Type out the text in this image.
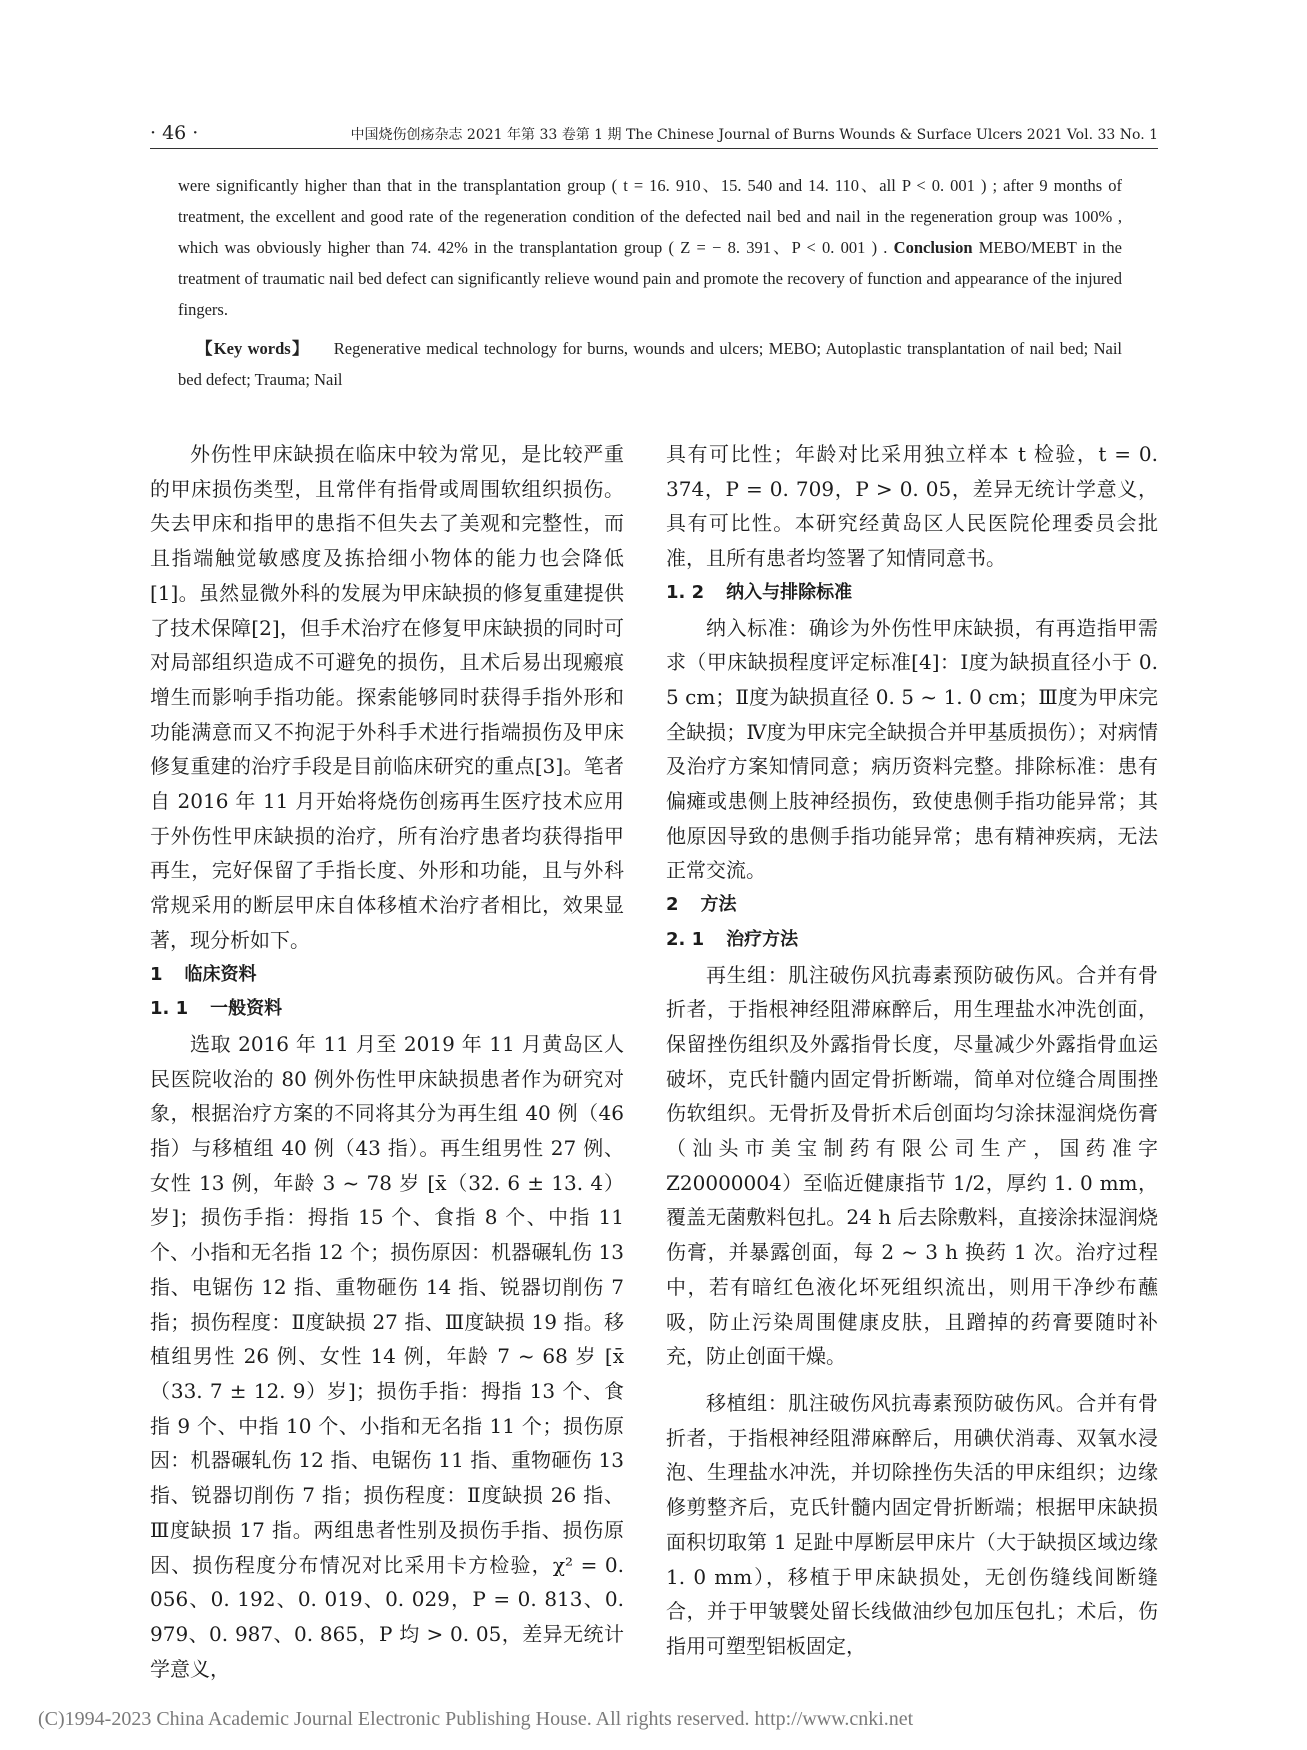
· 46 ·	中国烧伤创疡杂志 2021 年第 33 卷第 1 期 The Chinese Journal of Burns Wounds & Surface Ulcers 2021 Vol. 33 No. 1

were significantly higher than that in the transplantation group ( t = 16. 910、15. 540 and 14. 110、all P < 0. 001 ) ; after 9 months of treatment, the excellent and good rate of the regeneration condition of the defected nail bed and nail in the regeneration group was 100% , which was obviously higher than 74. 42% in the transplantation group ( Z = − 8. 391、P < 0. 001 ) . Conclusion MEBO/MEBT in the treatment of traumatic nail bed defect can significantly relieve wound pain and promote the recovery of function and appearance of the injured fingers.

【Key words】 Regenerative medical technology for burns, wounds and ulcers; MEBO; Autoplastic transplantation of nail bed; Nail bed defect; Trauma; Nail

外伤性甲床缺损在临床中较为常见，是比较严重的甲床损伤类型，且常伴有指骨或周围软组织损伤。失去甲床和指甲的患指不但失去了美观和完整性，而且指端触觉敏感度及拣拾细小物体的能力也会降低[1]。虽然显微外科的发展为甲床缺损的修复重建提供了技术保障[2]，但手术治疗在修复甲床缺损的同时可对局部组织造成不可避免的损伤，且术后易出现瘢痕增生而影响手指功能。探索能够同时获得手指外形和功能满意而又不拘泥于外科手术进行指端损伤及甲床修复重建的治疗手段是目前临床研究的重点[3]。笔者自 2016 年 11 月开始将烧伤创疡再生医疗技术应用于外伤性甲床缺损的治疗，所有治疗患者均获得指甲再生，完好保留了手指长度、外形和功能，且与外科常规采用的断层甲床自体移植术治疗者相比，效果显著，现分析如下。

1 临床资料

1. 1 一般资料

选取 2016 年 11 月至 2019 年 11 月黄岛区人民医院收治的 80 例外伤性甲床缺损患者作为研究对象，根据治疗方案的不同将其分为再生组 40 例（46 指）与移植组 40 例（43 指）。再生组男性 27 例、女性 13 例，年龄 3 ~ 78 岁 [x̄（32. 6 ± 13. 4）岁]；损伤手指：拇指 15 个、食指 8 个、中指 11 个、小指和无名指 12 个；损伤原因：机器碾轧伤 13 指、电锯伤 12 指、重物砸伤 14 指、锐器切削伤 7 指；损伤程度：Ⅱ度缺损 27 指、Ⅲ度缺损 19 指。移植组男性 26 例、女性 14 例，年龄 7 ~ 68 岁 [x̄（33. 7 ± 12. 9）岁]；损伤手指：拇指 13 个、食指 9 个、中指 10 个、小指和无名指 11 个；损伤原因：机器碾轧伤 12 指、电锯伤 11 指、重物砸伤 13 指、锐器切削伤 7 指；损伤程度：Ⅱ度缺损 26 指、Ⅲ度缺损 17 指。两组患者性别及损伤手指、损伤原因、损伤程度分布情况对比采用卡方检验，χ² = 0. 056、0. 192、0. 019、0. 029，P = 0. 813、0. 979、0. 987、0. 865，P 均 > 0. 05，差异无统计学意义，

具有可比性；年龄对比采用独立样本 t 检验，t = 0. 374，P = 0. 709，P > 0. 05，差异无统计学意义，具有可比性。本研究经黄岛区人民医院伦理委员会批准，且所有患者均签署了知情同意书。

1. 2 纳入与排除标准

纳入标准：确诊为外伤性甲床缺损，有再造指甲需求（甲床缺损程度评定标准[4]：Ⅰ度为缺损直径小于 0. 5 cm；Ⅱ度为缺损直径 0. 5 ~ 1. 0 cm；Ⅲ度为甲床完全缺损；Ⅳ度为甲床完全缺损合并甲基质损伤）；对病情及治疗方案知情同意；病历资料完整。排除标准：患有偏瘫或患侧上肢神经损伤，致使患侧手指功能异常；其他原因导致的患侧手指功能异常；患有精神疾病，无法正常交流。

2 方法

2. 1 治疗方法

再生组：肌注破伤风抗毒素预防破伤风。合并有骨折者，于指根神经阻滞麻醉后，用生理盐水冲洗创面，保留挫伤组织及外露指骨长度，尽量减少外露指骨血运破坏，克氏针髓内固定骨折断端，简单对位缝合周围挫伤软组织。无骨折及骨折术后创面均匀涂抹湿润烧伤膏（汕头市美宝制药有限公司生产，国药准字 Z20000004）至临近健康指节 1/2，厚约 1. 0 mm，覆盖无菌敷料包扎。24 h 后去除敷料，直接涂抹湿润烧伤膏，并暴露创面，每 2 ~ 3 h 换药 1 次。治疗过程中，若有暗红色液化坏死组织流出，则用干净纱布蘸吸，防止污染周围健康皮肤，且蹭掉的药膏要随时补充，防止创面干燥。

移植组：肌注破伤风抗毒素预防破伤风。合并有骨折者，于指根神经阻滞麻醉后，用碘伏消毒、双氧水浸泡、生理盐水冲洗，并切除挫伤失活的甲床组织；边缘修剪整齐后，克氏针髓内固定骨折断端；根据甲床缺损面积切取第 1 足趾中厚断层甲床片（大于缺损区域边缘 1. 0 mm），移植于甲床缺损处，无创伤缝线间断缝合，并于甲皱襞处留长线做油纱包加压包扎；术后，伤指用可塑型铝板固定，

(C)1994-2023 China Academic Journal Electronic Publishing House. All rights reserved. http://www.cnki.net
